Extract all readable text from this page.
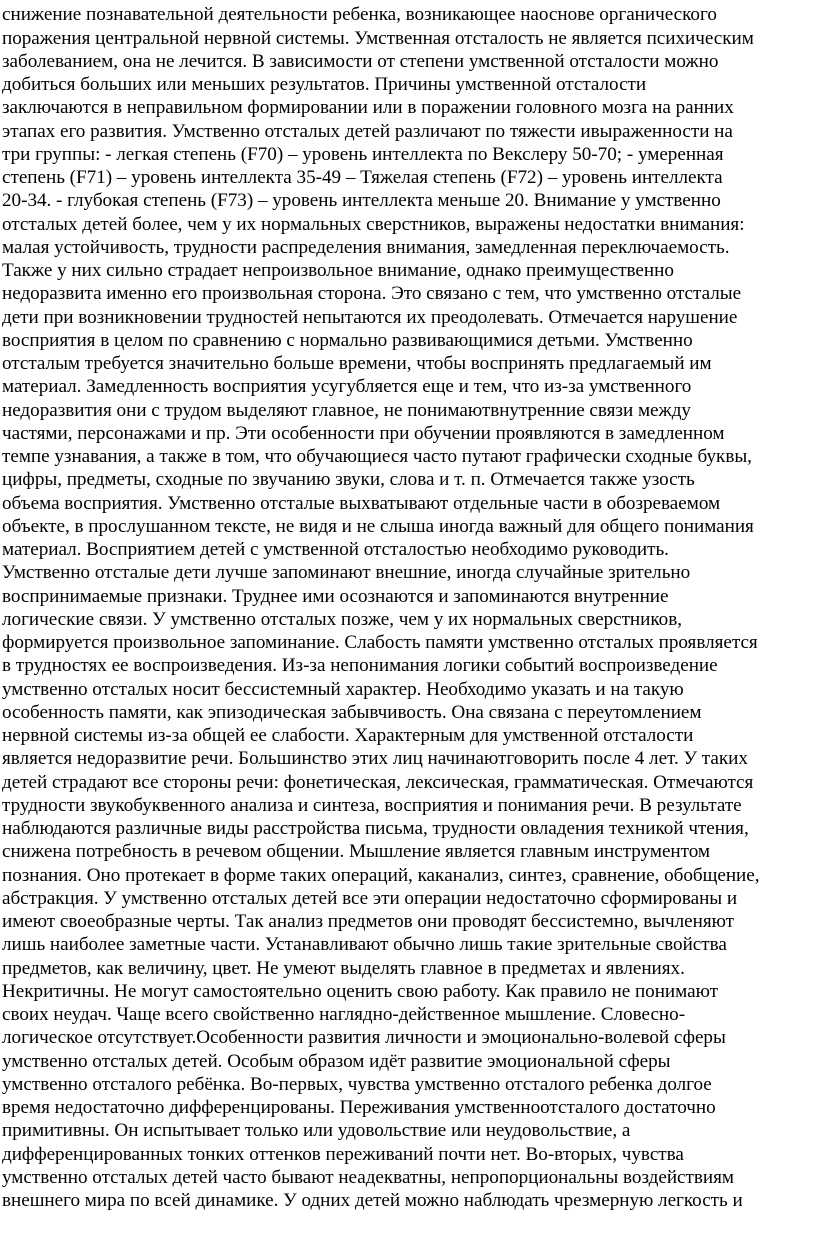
снижение познавательной деятельности ребенка, возникающее наоснове органического
поражения центральной нервной системы. Умственная отсталость не является психическим
заболеванием, она не лечится. В зависимости от степени умственной отсталости можно
добиться больших или меньших результатов. Причины умственной отсталости
заключаются в неправильном формировании или в поражении головного мозга на ранних
этапах его развития. Умственно отсталых детей различают по тяжести ивыраженности на
три группы: - легкая степень (F70) – уровень интеллекта по Векслеру 50-70; - умеренная
степень (F71) – уровень интеллекта 35-49 – Тяжелая степень (F72) – уровень интеллекта
20-34. - глубокая степень (F73) – уровень интеллекта меньше 20. Внимание у умственно
отсталых детей более, чем у их нормальных сверстников, выражены недостатки внимания:
малая устойчивость, трудности распределения внимания, замедленная переключаемость.
Также у них сильно страдает непроизвольное внимание, однако преимущественно
недоразвита именно его произвольная сторона. Это связано с тем, что умственно отсталые
дети при возникновении трудностей непытаются их преодолевать. Отмечается нарушение
восприятия в целом по сравнению с нормально развивающимися детьми. Умственно
отсталым требуется значительно больше времени, чтобы воспринять предлагаемый им
материал. Замедленность восприятия усугубляется еще и тем, что из-за умственного
недоразвития они с трудом выделяют главное, не понимаютвнутренние связи между
частями, персонажами и пр. Эти особенности при обучении проявляются в замедленном
темпе узнавания, а также в том, что обучающиеся часто путают графически сходные буквы,
цифры, предметы, сходные по звучанию звуки, слова и т. п. Отмечается также узость
объема восприятия. Умственно отсталые выхватывают отдельные части в обозреваемом
объекте, в прослушанном тексте, не видя и не слыша иногда важный для общего понимания
материал. Восприятием детей с умственной отсталостью необходимо руководить.
Умственно отсталые дети лучше запоминают внешние, иногда случайные зрительно
воспринимаемые признаки. Труднее ими осознаются и запоминаются внутренние
логические связи. У умственно отсталых позже, чем у их нормальных сверстников,
формируется произвольное запоминание. Слабость памяти умственно отсталых проявляется
в трудностях ее воспроизведения. Из-за непонимания логики событий воспроизведение
умственно отсталых носит бессистемный характер. Необходимо указать и на такую
особенность памяти, как эпизодическая забывчивость. Она связана с переутомлением
нервной системы из-за общей ее слабости. Характерным для умственной отсталости
является недоразвитие речи. Большинство этих лиц начинаютговорить после 4 лет. У таких
детей страдают все стороны речи: фонетическая, лексическая, грамматическая. Отмечаются
трудности звукобуквенного анализа и синтеза, восприятия и понимания речи. В результате
наблюдаются различные виды расстройства письма, трудности овладения техникой чтения,
снижена потребность в речевом общении. Мышление является главным инструментом
познания. Оно протекает в форме таких операций, какaнализ, синтез, сравнение, обобщение,
абстракция. У умственно отсталых детей все эти операции недостаточно сформированы и
имеют своеобразные черты. Так анализ предметов они проводят бессистемно, вычленяют
лишь наиболее заметные части. Устанавливают обычно лишь такие зрительные свойства
предметов, как величину, цвет. Не умеют выделять главное в предметах и явлениях.
Некритичны. Не могут самостоятельно оценить свою работу. Как правило не понимают
своих неудач. Чаще всего свойственно наглядно-действенное мышление. Словесно-
логическое отсутствует.Особенности развития личности и эмоционально-волевой сферы
умственно отсталых детей. Особым образом идёт развитие эмоциональной сферы
умственно отсталого ребёнка. Во-первых, чувства умственно отсталого ребенка долгое
время недостаточно дифференцированы. Переживания умственноотсталого достаточно
примитивны. Он испытывает только или удовольствие или неудовольствие, а
дифференцированных тонких оттенков переживаний почти нет. Во-вторых, чувства
умственно отсталых детей часто бывают неадекватны, непропорциональны воздействиям
внешнего мира по всей динамике. У одних детей можно наблюдать чрезмерную легкость и
